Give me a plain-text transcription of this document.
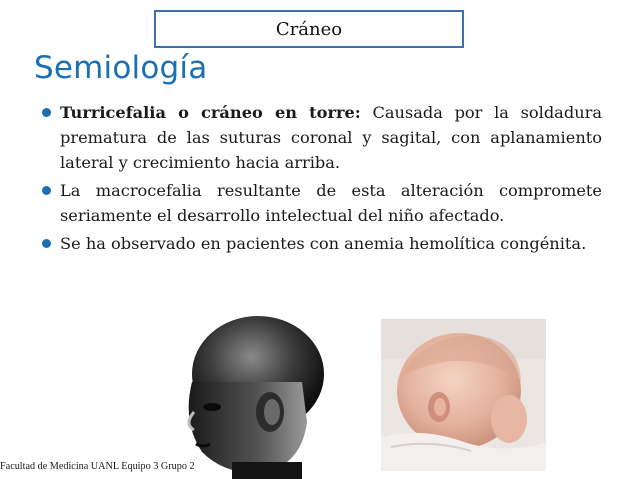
Cráneo
Semiología
Turricefalia o cráneo en torre: Causada por la soldadura prematura de las suturas coronal y sagital, con aplanamiento lateral y crecimiento hacia arriba.
La macrocefalia resultante de esta alteración compromete seriamente el desarrollo intelectual del niño afectado.
Se ha observado en pacientes con anemia hemolítica congénita.
Facultad de Medicina UANL Equipo 3 Grupo 2
